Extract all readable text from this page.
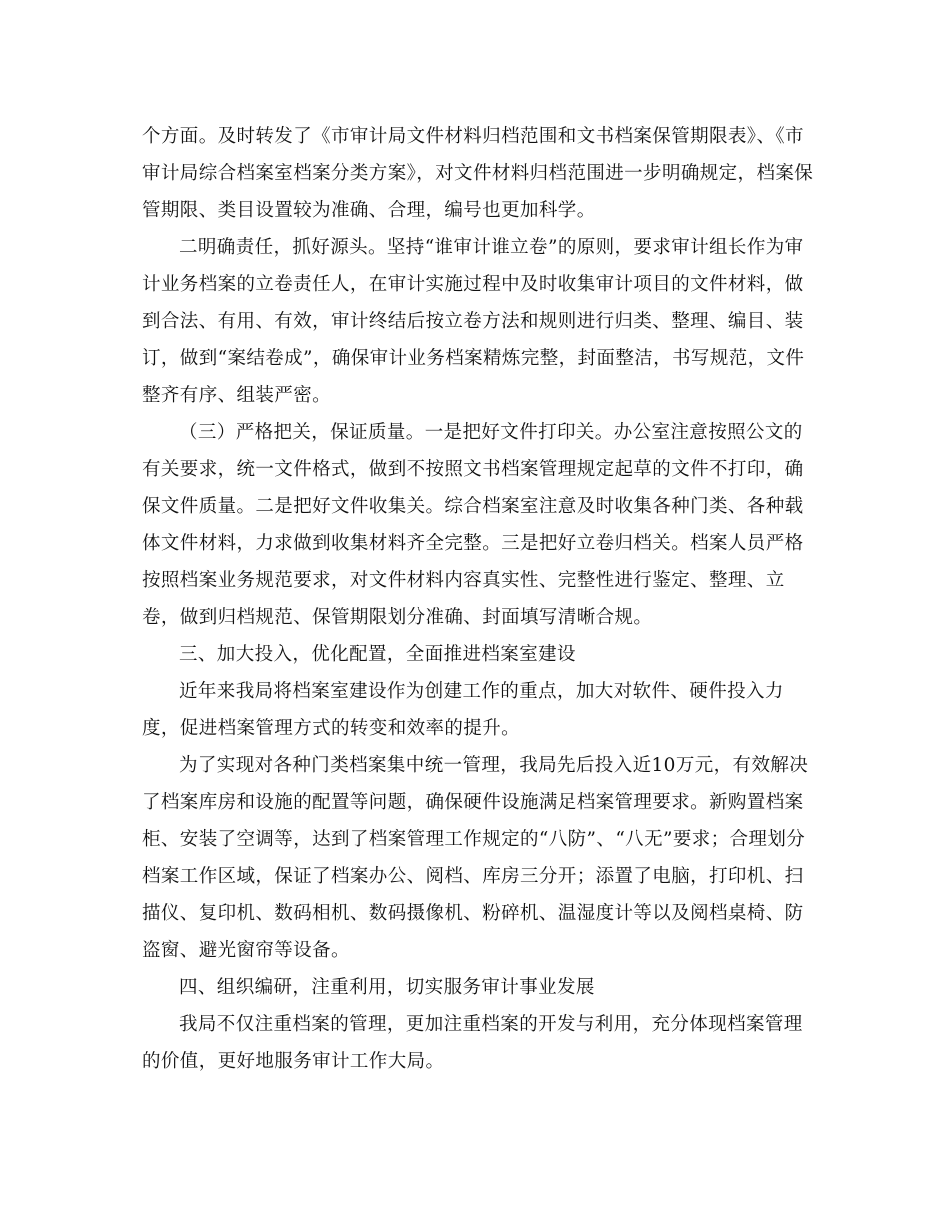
个方面。及时转发了《市审计局文件材料归档范围和文书档案保管期限表》、《市审计局综合档案室档案分类方案》，对文件材料归档范围进一步明确规定，档案保管期限、类目设置较为准确、合理，编号也更加科学。

二明确责任，抓好源头。坚持“谁审计谁立卷”的原则，要求审计组长作为审计业务档案的立卷责任人，在审计实施过程中及时收集审计项目的文件材料，做到合法、有用、有效，审计终结后按立卷方法和规则进行归类、整理、编目、装订，做到“案结卷成”，确保审计业务档案精炼完整，封面整洁，书写规范，文件整齐有序、组装严密。

（三）严格把关，保证质量。一是把好文件打印关。办公室注意按照公文的有关要求，统一文件格式，做到不按照文书档案管理规定起草的文件不打印，确保文件质量。二是把好文件收集关。综合档案室注意及时收集各种门类、各种载体文件材料，力求做到收集材料齐全完整。三是把好立卷归档关。档案人员严格按照档案业务规范要求，对文件材料内容真实性、完整性进行鉴定、整理、立卷，做到归档规范、保管期限划分准确、封面填写清晰合规。

三、加大投入，优化配置，全面推进档案室建设

近年来我局将档案室建设作为创建工作的重点，加大对软件、硬件投入力度，促进档案管理方式的转变和效率的提升。

为了实现对各种门类档案集中统一管理，我局先后投入近10万元，有效解决了档案库房和设施的配置等问题，确保硬件设施满足档案管理要求。新购置档案柜、安装了空调等，达到了档案管理工作规定的“八防”、“八无”要求；合理划分档案工作区域，保证了档案办公、阅档、库房三分开；添置了电脑，打印机、扫描仪、复印机、数码相机、数码摄像机、粉碎机、温湿度计等以及阅档桌椅、防盗窗、避光窗帘等设备。

四、组织编研，注重利用，切实服务审计事业发展

我局不仅注重档案的管理，更加注重档案的开发与利用，充分体现档案管理的价值，更好地服务审计工作大局。
